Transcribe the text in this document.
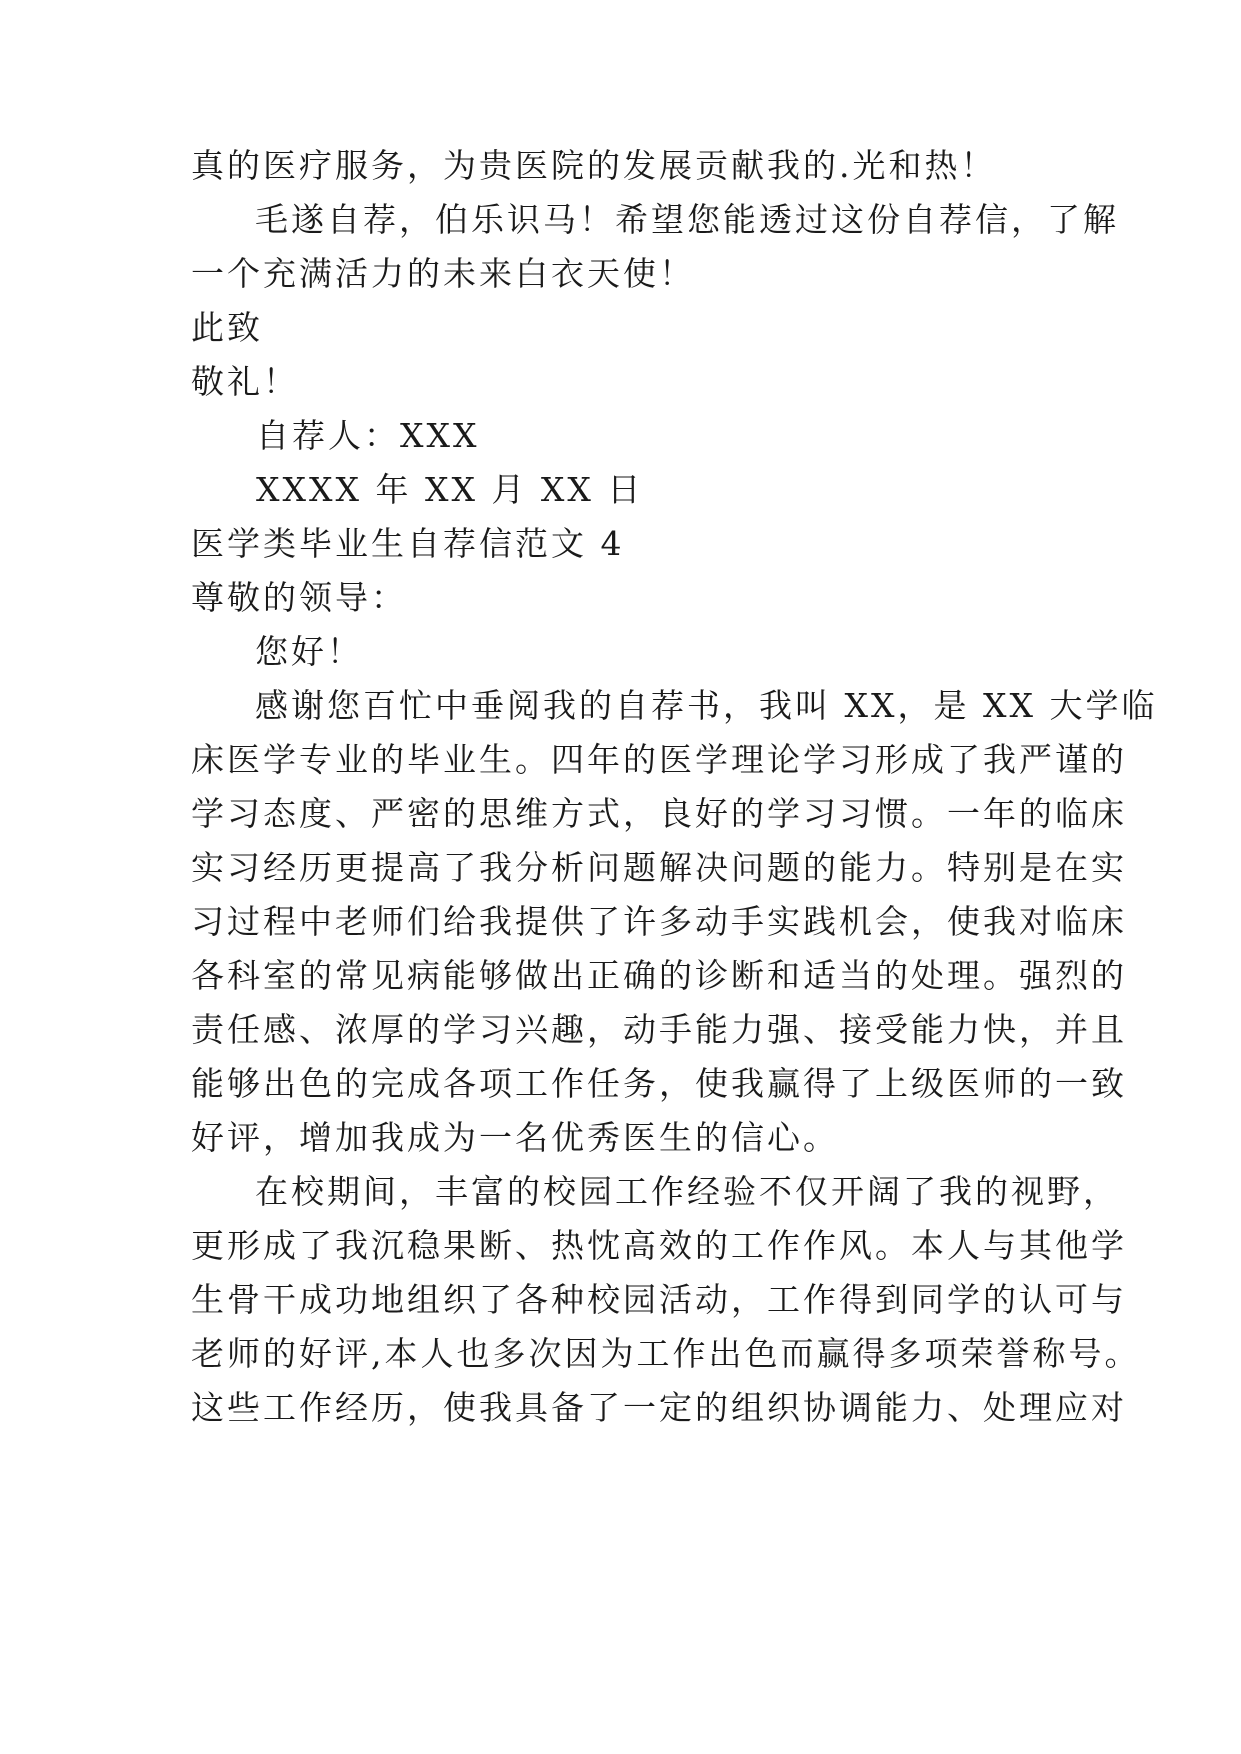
真的医疗服务，为贵医院的发展贡献我的.光和热！
毛遂自荐，伯乐识马！希望您能透过这份自荐信，了解
一个充满活力的未来白衣天使！
此致
敬礼！
自荐人：XXX
XXXX 年 XX 月 XX 日
医学类毕业生自荐信范文 4
尊敬的领导：
您好！
感谢您百忙中垂阅我的自荐书，我叫 XX，是 XX 大学临
床医学专业的毕业生。四年的医学理论学习形成了我严谨的
学习态度、严密的思维方式，良好的学习习惯。一年的临床
实习经历更提高了我分析问题解决问题的能力。特别是在实
习过程中老师们给我提供了许多动手实践机会，使我对临床
各科室的常见病能够做出正确的诊断和适当的处理。强烈的
责任感、浓厚的学习兴趣，动手能力强、接受能力快，并且
能够出色的完成各项工作任务，使我赢得了上级医师的一致
好评，增加我成为一名优秀医生的信心。
在校期间，丰富的校园工作经验不仅开阔了我的视野，
更形成了我沉稳果断、热忱高效的工作作风。本人与其他学
生骨干成功地组织了各种校园活动，工作得到同学的认可与
老师的好评,本人也多次因为工作出色而赢得多项荣誉称号。
这些工作经历，使我具备了一定的组织协调能力、处理应对
